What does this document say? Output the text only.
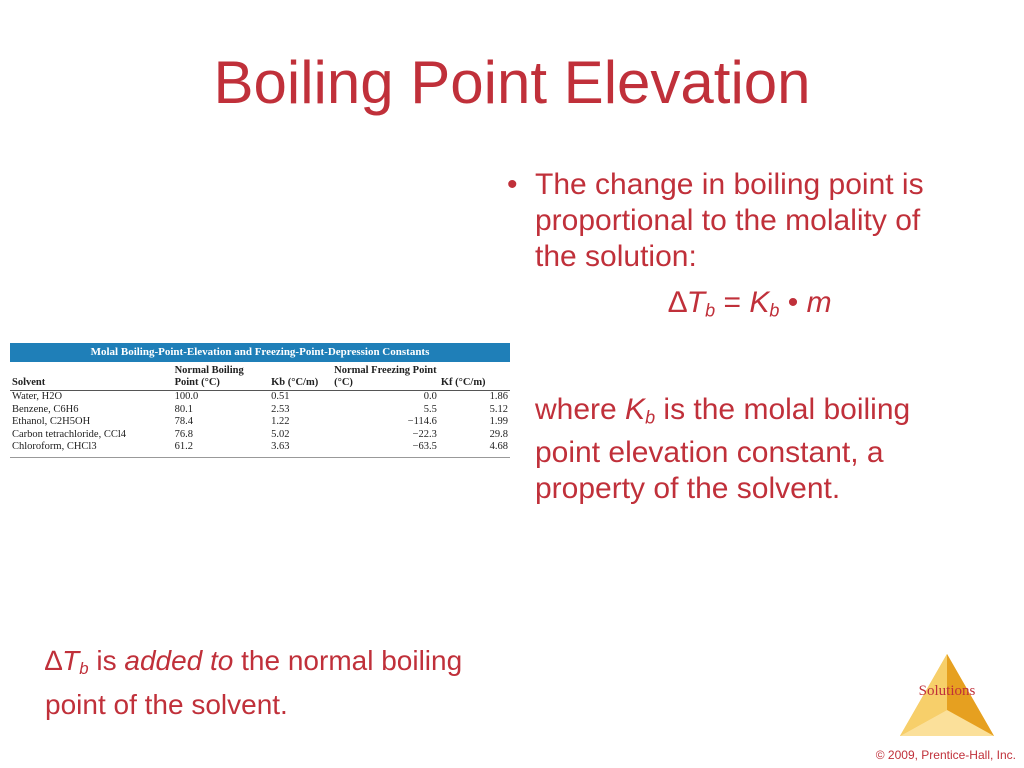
Boiling Point Elevation
Molal Boiling-Point-Elevation and Freezing-Point-Depression Constants
Solvent	Normal Boiling Point (°C)	Kb (°C/m)	Normal Freezing Point (°C)	Kf (°C/m)
Water, H2O	100.0	0.51	0.0	1.86
Benzene, C6H6	80.1	2.53	5.5	5.12
Ethanol, C2H5OH	78.4	1.22	−114.6	1.99
Carbon tetrachloride, CCl4	76.8	5.02	−22.3	29.8
Chloroform, CHCl3	61.2	3.63	−63.5	4.68
• The change in boiling point is proportional to the molality of the solution:
$\Delta T_b = K_b$ • m
where $K_b$ is the molal boiling point elevation constant, a property of the solvent.
$\Delta T_b$ is added to the normal boiling point of the solvent.	Solutions
© 2009, Prentice-Hall, Inc.
